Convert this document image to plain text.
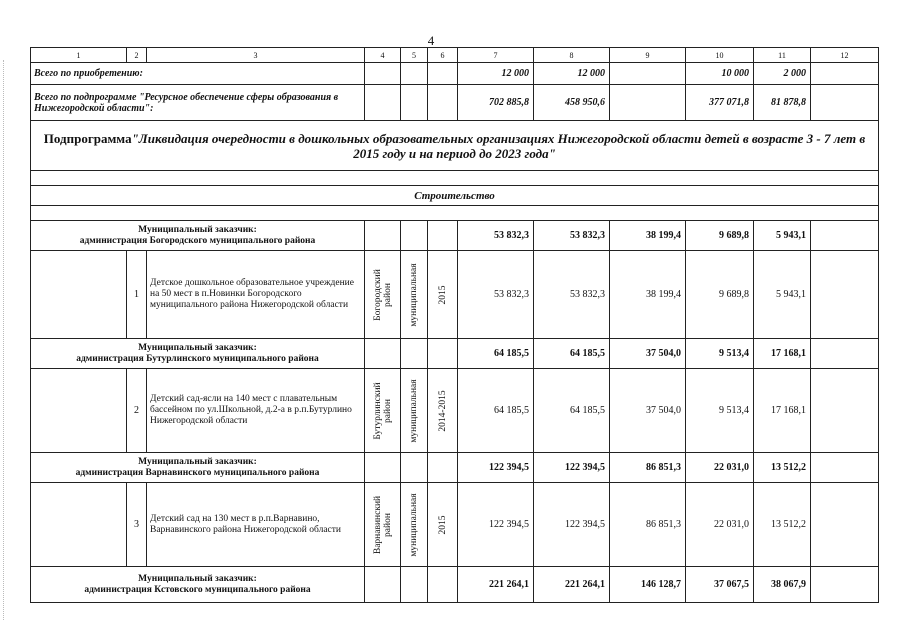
4
1	2	3	4	5	6	7	8	9	10	11	12
Всего по приобретению:						12 000	12 000		10 000	2 000	
Всего по подпрограмме "Ресурсное обеспечение сферы образования в Нижегородской области":						702 885,8	458 950,6		377 071,8	81 878,8	
Подпрограмма"Ликвидация очередности в дошкольных образовательных организациях Нижегородской области детей в возрасте 3 - 7 лет в 2015 году и на период до 2023 года"											

Строительство											

Муниципальный заказчик:
администрация Богородского муниципального района						53 832,3	53 832,3	38 199,4	9 689,8	5 943,1	
	1	Детское дошкольное образовательное учреждение на 50 мест в п.Новинки Богородского муниципального района Нижегородской области	Богородский район	муниципальная	2015	53 832,3	53 832,3	38 199,4	9 689,8	5 943,1	

Муниципальный заказчик:
администрация Бутурлинского муниципального района						64 185,5	64 185,5	37 504,0	9 513,4	17 168,1	
	2	Детский сад-ясли на 140 мест с плавательным бассейном по ул.Школьной, д.2-а в р.п.Бутурлино Нижегородской области	Бутурлинский район	муниципальная	2014-2015	64 185,5	64 185,5	37 504,0	9 513,4	17 168,1	

Муниципальный заказчик:
администрация Варнавинского муниципального района						122 394,5	122 394,5	86 851,3	22 031,0	13 512,2	
	3	Детский сад на 130 мест в р.п.Варнавино, Варнавинского района Нижегородской области	Варнавинский район	муниципальная	2015	122 394,5	122 394,5	86 851,3	22 031,0	13 512,2	

Муниципальный заказчик:
администрация Кстовского муниципального района						221 264,1	221 264,1	146 128,7	37 067,5	38 067,9	
